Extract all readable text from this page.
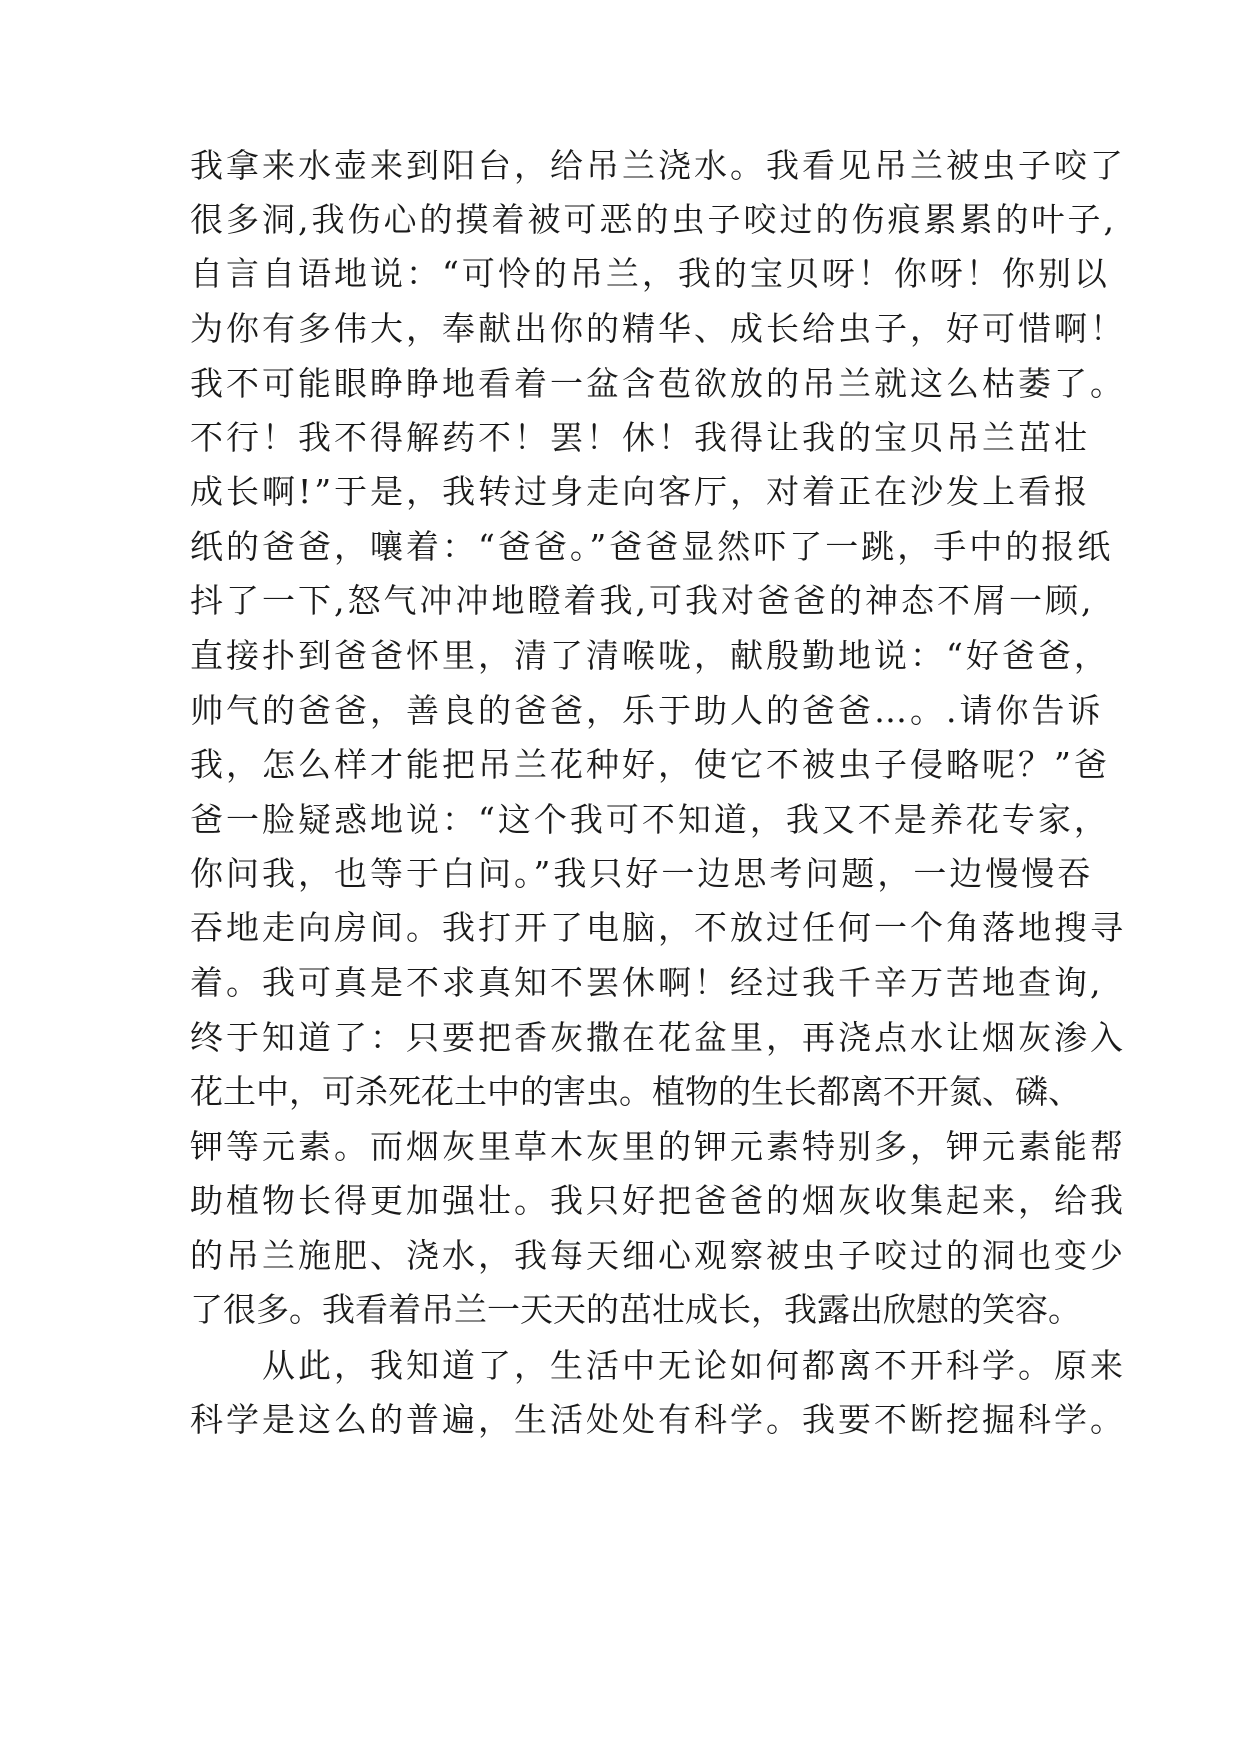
我拿来水壶来到阳台，给吊兰浇水。我看见吊兰被虫子咬了
很多洞,我伤心的摸着被可恶的虫子咬过的伤痕累累的叶子,
自言自语地说：“可怜的吊兰，我的宝贝呀！你呀！你别以
为你有多伟大，奉献出你的精华、成长给虫子，好可惜啊！
我不可能眼睁睁地看着一盆含苞欲放的吊兰就这么枯萎了。
不行！我不得解药不！罢！休！我得让我的宝贝吊兰茁壮
成长啊!”于是，我转过身走向客厅，对着正在沙发上看报
纸的爸爸，嚷着：“爸爸。”爸爸显然吓了一跳，手中的报纸
抖了一下,怒气冲冲地瞪着我,可我对爸爸的神态不屑一顾,
直接扑到爸爸怀里，清了清喉咙，献殷勤地说：“好爸爸，
帅气的爸爸，善良的爸爸，乐于助人的爸爸…。.请你告诉
我，怎么样才能把吊兰花种好，使它不被虫子侵略呢？”爸
爸一脸疑惑地说：“这个我可不知道，我又不是养花专家，
你问我，也等于白问。”我只好一边思考问题，一边慢慢吞
吞地走向房间。我打开了电脑，不放过任何一个角落地搜寻
着。我可真是不求真知不罢休啊！经过我千辛万苦地查询,
终于知道了：只要把香灰撒在花盆里，再浇点水让烟灰渗入
花土中，可杀死花土中的害虫。植物的生长都离不开氮、磷、
钾等元素。而烟灰里草木灰里的钾元素特别多，钾元素能帮
助植物长得更加强壮。我只好把爸爸的烟灰收集起来，给我
的吊兰施肥、浇水，我每天细心观察被虫子咬过的洞也变少
了很多。我看着吊兰一天天的茁壮成长，我露出欣慰的笑容。
　　从此，我知道了，生活中无论如何都离不开科学。原来
科学是这么的普遍，生活处处有科学。我要不断挖掘科学。
